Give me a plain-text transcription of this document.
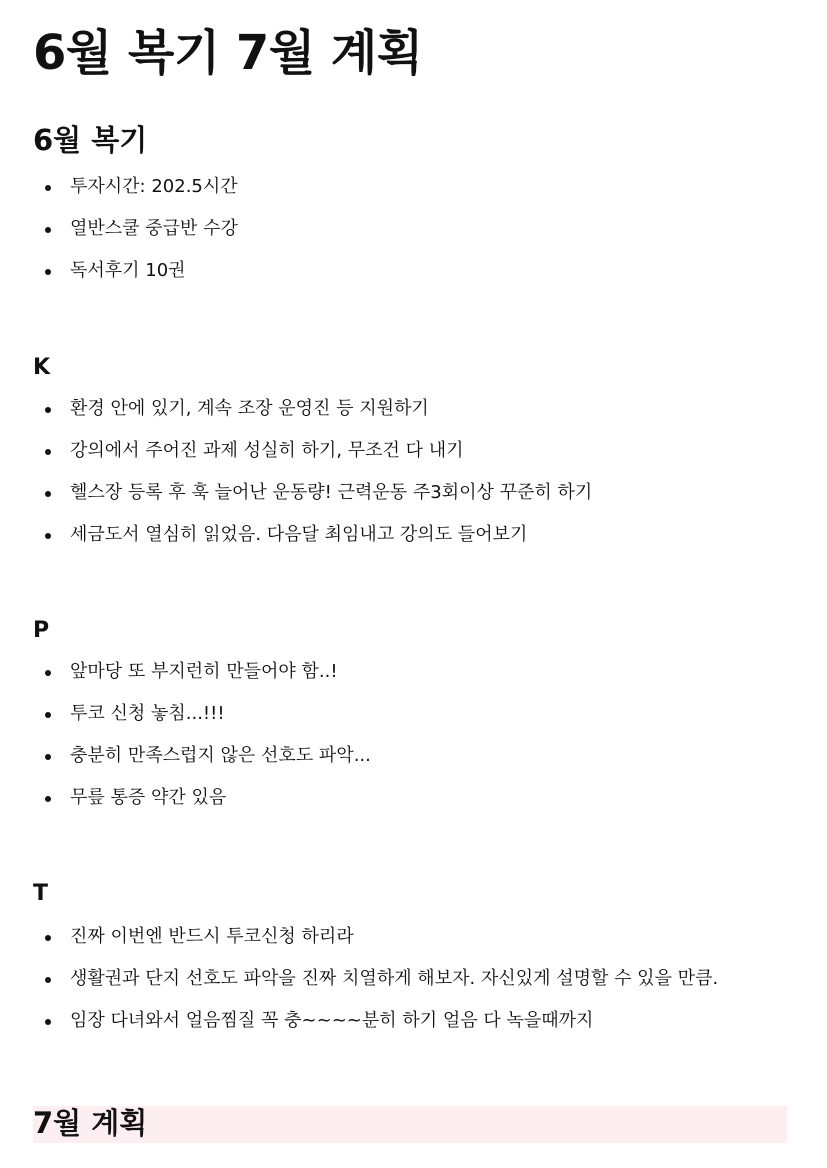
6월 복기 7월 계획
6월 복기
투자시간: 202.5시간
열반스쿨 중급반 수강
독서후기 10권
K
환경 안에 있기, 계속 조장 운영진 등 지원하기
강의에서 주어진 과제 성실히 하기, 무조건 다 내기
헬스장 등록 후 훅 늘어난 운동량! 근력운동 주3회이상 꾸준히 하기
세금도서 열심히 읽었음. 다음달 최임내고 강의도 들어보기
P
앞마당 또 부지런히 만들어야 함..!
투코 신청 놓침...!!!
충분히 만족스럽지 않은 선호도 파악...
무릎 통증 약간 있음
T
진짜 이번엔 반드시 투코신청 하리라
생활권과 단지 선호도 파악을 진짜 치열하게 해보자. 자신있게 설명할 수 있을 만큼.
임장 다녀와서 얼음찜질 꼭 충~~~~분히 하기 얼음 다 녹을때까지
7월 계획
